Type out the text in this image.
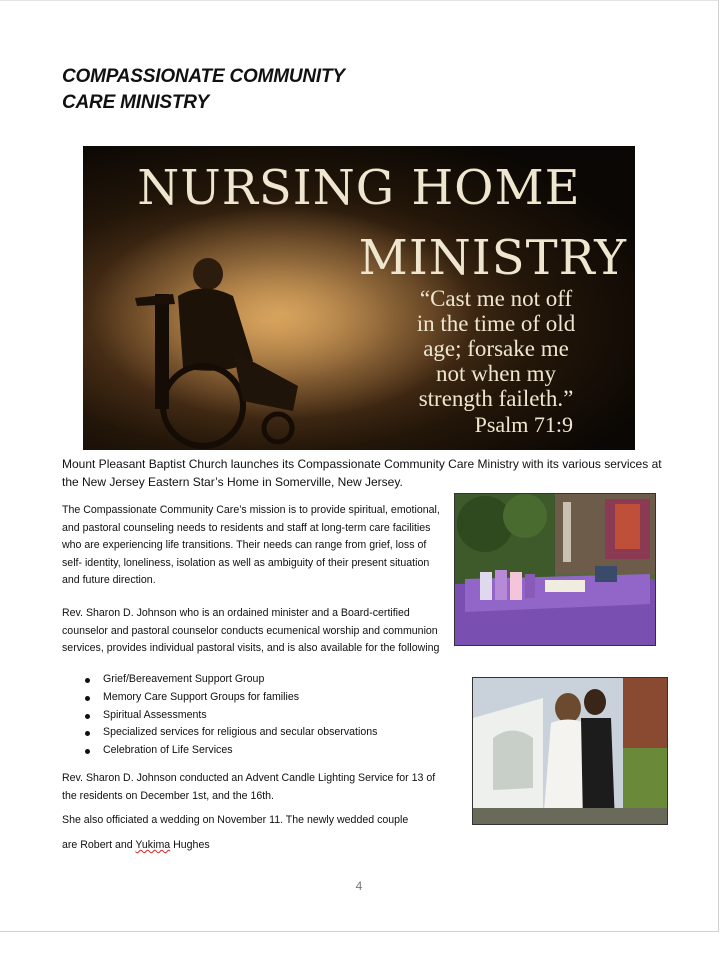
COMPASSIONATE COMMUNITY
CARE MINISTRY
NURSING HOME
MINISTRY
“Cast me not off
in the time of old
age; forsake me
not when my
strength faileth.”
Psalm 71:9
Mount Pleasant Baptist Church launches its Compassionate Community Care Ministry with its various services at the New Jersey Eastern Star’s Home in Somerville, New Jersey.
The Compassionate Community Care’s mission is to provide spiritual, emotional, and pastoral counseling needs to residents and staff at long-term care facilities who are experiencing life transitions. Their needs can range from grief, loss of self- identity, loneliness, isolation as well as ambiguity of their present situation and future direction.
Rev. Sharon D. Johnson who is an ordained minister and a Board-certified counselor and pastoral counselor conducts ecumenical worship and communion services, provides individual pastoral visits, and is also available for the following
Grief/Bereavement Support Group
Memory Care Support Groups for families
Spiritual Assessments
Specialized services for religious and secular observations
Celebration of Life Services
Rev. Sharon D. Johnson conducted an Advent Candle Lighting Service for 13 of the residents on December 1st, and the 16th.
She also officiated a wedding on November 11. The newly wedded couple
are Robert and Yukima Hughes
4
